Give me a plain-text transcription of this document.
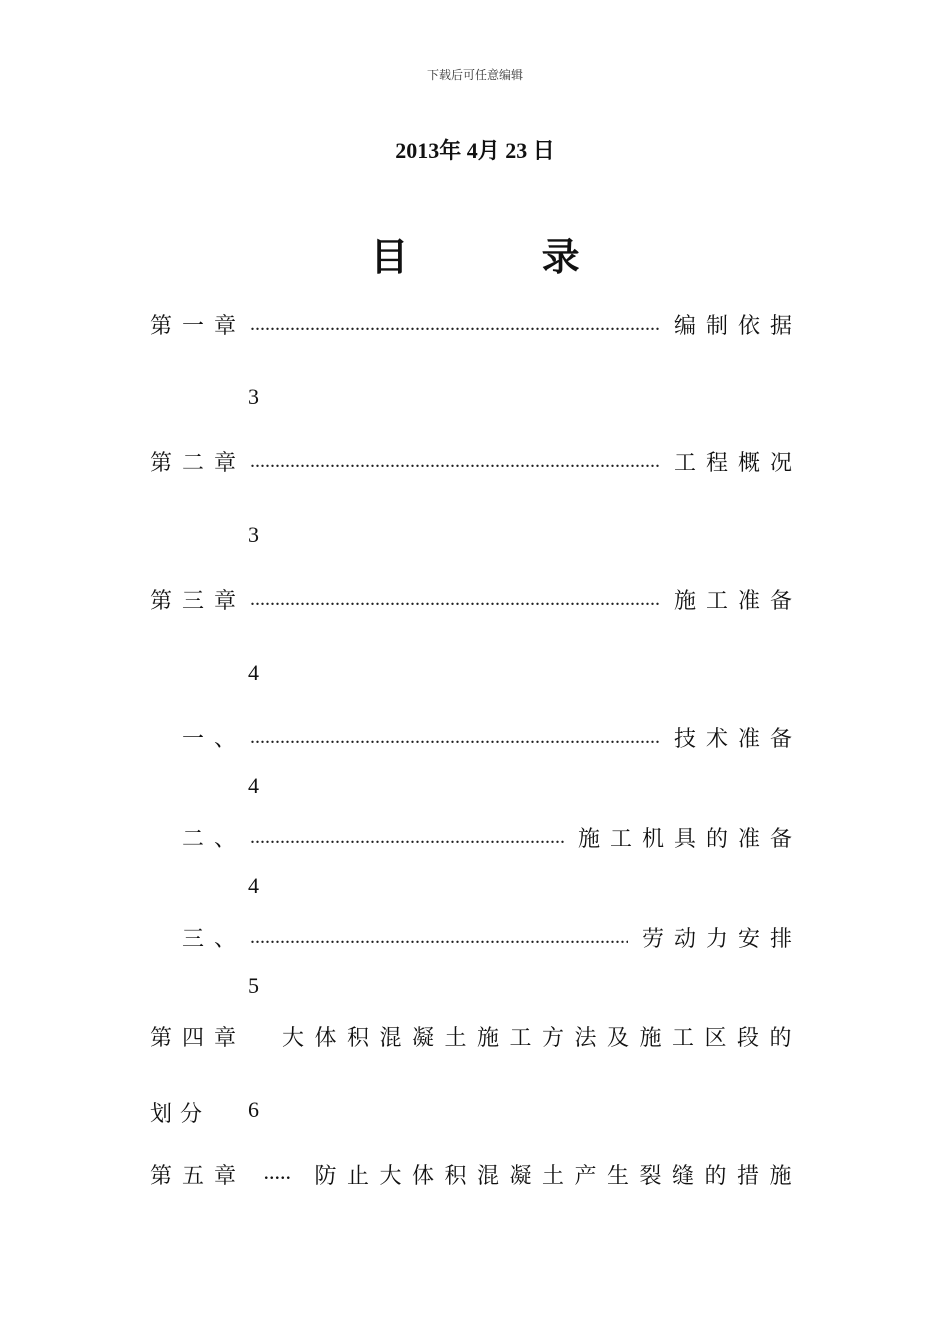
下载后可任意编辑
2013年 4月 23 日
目 录
第一章 .....	编制依据
3
第二章 .....	工程概况
3
第三章 .....	施工准备
4
一、 .....	技术准备
4
二、 .....	施工机具的准备
4
三、 .....	劳动力安排
5
第四章 大体积混凝土施工方法及施工区段的
划分 6
第五章 ..... 防止大体积混凝土产生裂缝的措施
